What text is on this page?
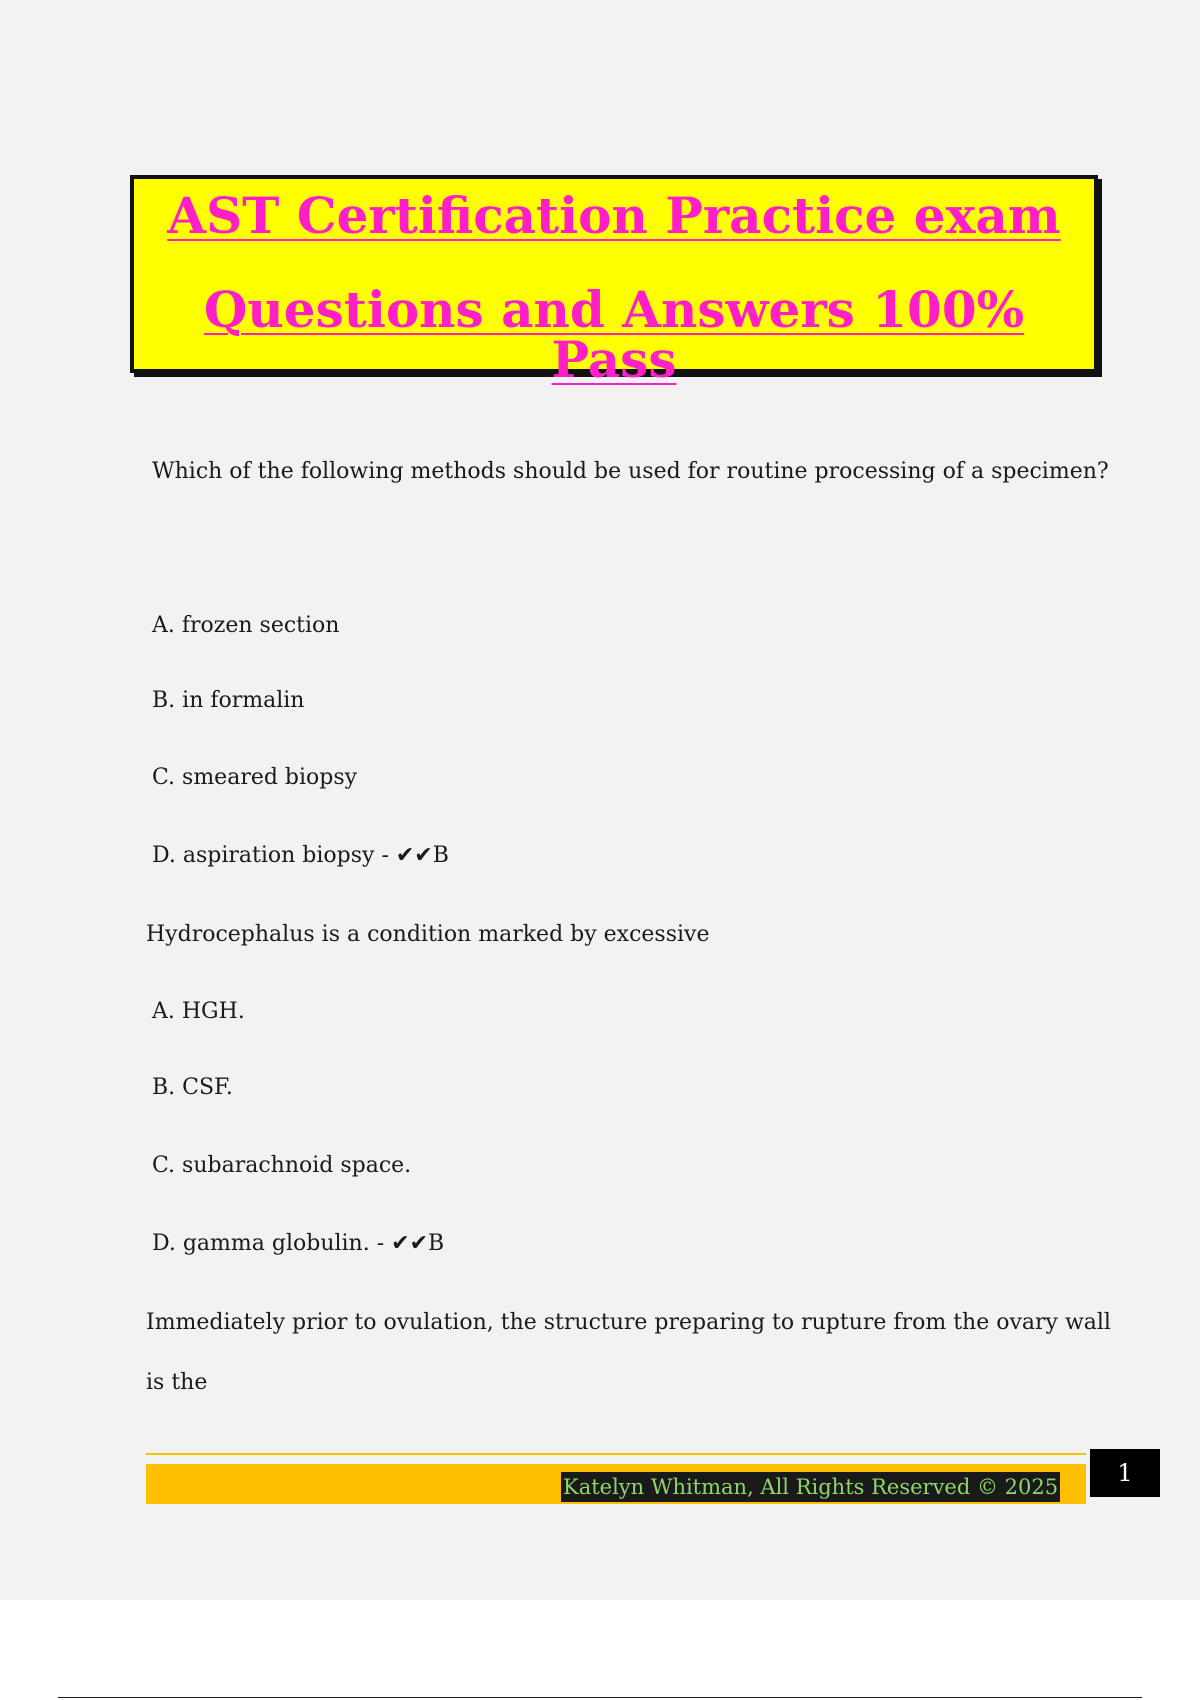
AST Certification Practice exam
Questions and Answers 100% Pass
Which of the following methods should be used for routine processing of a specimen?
A. frozen section
B. in formalin
C. smeared biopsy
D. aspiration biopsy - ✔✔B
Hydrocephalus is a condition marked by excessive
A. HGH.
B. CSF.
C. subarachnoid space.
D. gamma globulin. - ✔✔B
Immediately prior to ovulation, the structure preparing to rupture from the ovary wall
is the
Katelyn Whitman, All Rights Reserved © 2025	1
